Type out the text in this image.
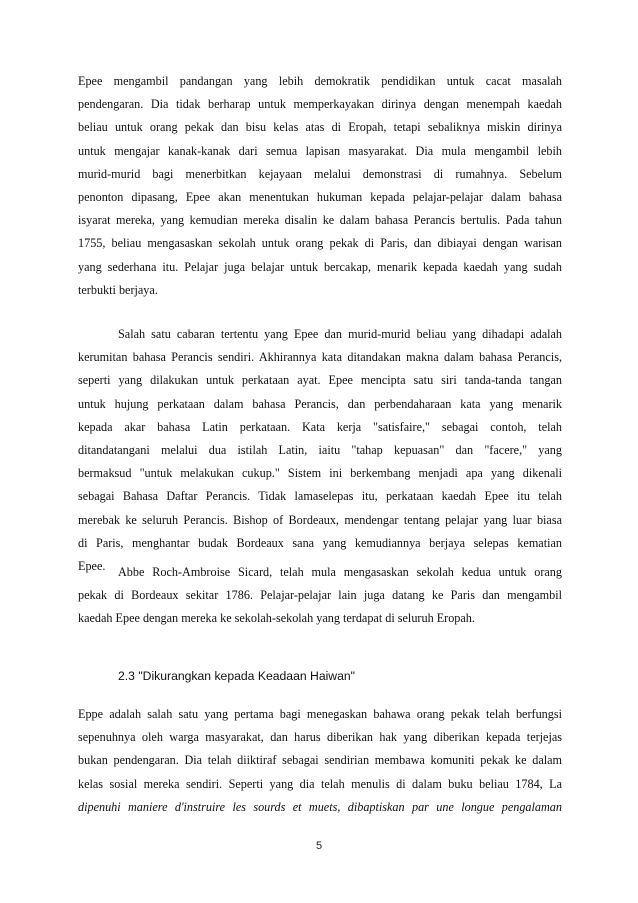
Epee mengambil pandangan yang lebih demokratik pendidikan untuk cacat masalah
pendengaran. Dia tidak berharap untuk memperkayakan dirinya dengan menempah kaedah
beliau untuk orang pekak dan bisu kelas atas di Eropah, tetapi sebaliknya miskin dirinya
untuk mengajar kanak-kanak dari semua lapisan masyarakat. Dia mula mengambil lebih
murid-murid bagi menerbitkan kejayaan melalui demonstrasi di rumahnya. Sebelum
penonton dipasang, Epee akan menentukan hukuman kepada pelajar-pelajar dalam bahasa
isyarat mereka, yang kemudian mereka disalin ke dalam bahasa Perancis bertulis. Pada tahun
1755, beliau mengasaskan sekolah untuk orang pekak di Paris, dan dibiayai dengan warisan
yang sederhana itu. Pelajar juga belajar untuk bercakap, menarik kepada kaedah yang sudah
terbukti berjaya.

Salah satu cabaran tertentu yang Epee dan murid-murid beliau yang dihadapi adalah
kerumitan bahasa Perancis sendiri. Akhirannya kata ditandakan makna dalam bahasa Perancis,
seperti yang dilakukan untuk perkataan ayat. Epee mencipta satu siri tanda-tanda tangan
untuk hujung perkataan dalam bahasa Perancis, dan perbendaharaan kata yang menarik
kepada akar bahasa Latin perkataan. Kata kerja "satisfaire," sebagai contoh, telah
ditandatangani melalui dua istilah Latin, iaitu "tahap kepuasan" dan "facere," yang
bermaksud "untuk melakukan cukup." Sistem ini berkembang menjadi apa yang dikenali
sebagai Bahasa Daftar Perancis. Tidak lamaselepas itu, perkataan kaedah Epee itu telah
merebak ke seluruh Perancis. Bishop of Bordeaux, mendengar tentang pelajar yang luar biasa
di Paris, menghantar budak Bordeaux sana yang kemudiannya berjaya selepas kematian
Epee.	Abbe Roch-Ambroise Sicard, telah mula mengasaskan sekolah kedua untuk orang
pekak di Bordeaux sekitar 1786. Pelajar-pelajar lain juga datang ke Paris dan mengambil
kaedah Epee dengan mereka ke sekolah-sekolah yang terdapat di seluruh Eropah.

2.3 "Dikurangkan kepada Keadaan Haiwan"

Eppe adalah salah satu yang pertama bagi menegaskan bahawa orang pekak telah berfungsi
sepenuhnya oleh warga masyarakat, dan harus diberikan hak yang diberikan kepada terjejas
bukan pendengaran. Dia telah diiktiraf sebagai sendirian membawa komuniti pekak ke dalam
kelas sosial mereka sendiri. Seperti yang dia telah menulis di dalam buku beliau 1784, La
dipenuhi maniere d'instruire les sourds et muets, dibaptiskan par une longue pengalaman

5
